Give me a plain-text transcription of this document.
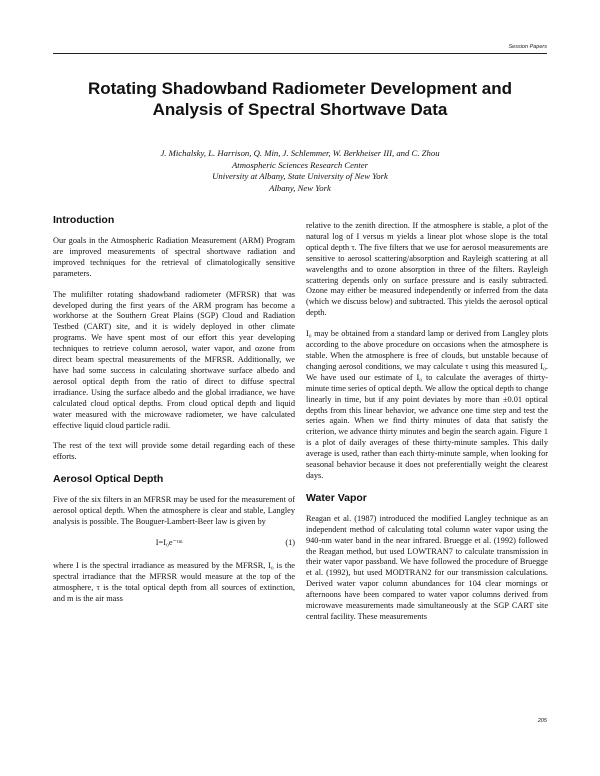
Session Papers
Rotating Shadowband Radiometer Development and
Analysis of Spectral Shortwave Data
J. Michalsky, L. Harrison, Q. Min, J. Schlemmer, W. Berkheiser III, and C. Zhou
Atmospheric Sciences Research Center
University at Albany, State University of New York
Albany, New York
Introduction

Our goals in the Atmospheric Radiation Measurement (ARM) Program are improved measurements of spectral shortwave radiation and improved techniques for the retrieval of climatologically sensitive parameters.

The mulifilter rotating shadowband radiometer (MFRSR) that was developed during the first years of the ARM program has become a workhorse at the Southern Great Plains (SGP) Cloud and Radiation Testbed (CART) site, and it is widely deployed in other climate programs. We have spent most of our effort this year developing techniques to retrieve column aerosol, water vapor, and ozone from direct beam spectral measurements of the MFRSR. Additionally, we have had some success in calculating shortwave surface albedo and aerosol optical depth from the ratio of direct to diffuse spectral irradiance. Using the surface albedo and the global irradiance, we have calculated cloud optical depths. From cloud optical depth and liquid water measured with the microwave radiometer, we have calculated effective liquid cloud particle radii.

The rest of the text will provide some detail regarding each of these efforts.

Aerosol Optical Depth

Five of the six filters in an MFRSR may be used for the measurement of aerosol optical depth. When the atmosphere is clear and stable, Langley analysis is possible. The Bouguer-Lambert-Beer law is given by

I=I₀e⁻ᵗᵐ	(1)

where I is the spectral irradiance as measured by the MFRSR, I₀ is the spectral irradiance that the MFRSR would measure at the top of the atmosphere, τ is the total optical depth from all sources of extinction, and m is the air mass

relative to the zenith direction. If the atmosphere is stable, a plot of the natural log of I versus m yields a linear plot whose slope is the total optical depth τ. The five filters that we use for aerosol measurements are sensitive to aerosol scattering/absorption and Rayleigh scattering at all wavelengths and to ozone absorption in three of the filters. Rayleigh scattering depends only on surface pressure and is easily subtracted. Ozone may either be measured independently or inferred from the data (which we discuss below) and subtracted. This yields the aerosol optical depth.

I₀ may be obtained from a standard lamp or derived from Langley plots according to the above procedure on occasions when the atmosphere is stable. When the atmosphere is free of clouds, but unstable because of changing aerosol conditions, we may calculate τ using this measured I₀. We have used our estimate of I₀ to calculate the averages of thirty-minute time series of optical depth. We allow the optical depth to change linearly in time, but if any point deviates by more than ±0.01 optical depths from this linear behavior, we advance one time step and test the series again. When we find thirty minutes of data that satisfy the criterion, we advance thirty minutes and begin the search again. Figure 1 is a plot of daily averages of these thirty-minute samples. This daily average is used, rather than each thirty-minute sample, when looking for seasonal behavior because it does not preferentially weight the clearest days.

Water Vapor

Reagan et al. (1987) introduced the modified Langley technique as an independent method of calculating total column water vapor using the 940-nm water band in the near infrared. Bruegge et al. (1992) followed the Reagan method, but used LOWTRAN7 to calculate transmission in their water vapor passband. We have followed the procedure of Bruegge et al. (1992), but used MODTRAN2 for our transmission calculations. Derived water vapor column abundances for 104 clear mornings or afternoons have been compared to water vapor columns derived from microwave measurements made simultaneously at the SGP CART site central facility. These measurements

205
